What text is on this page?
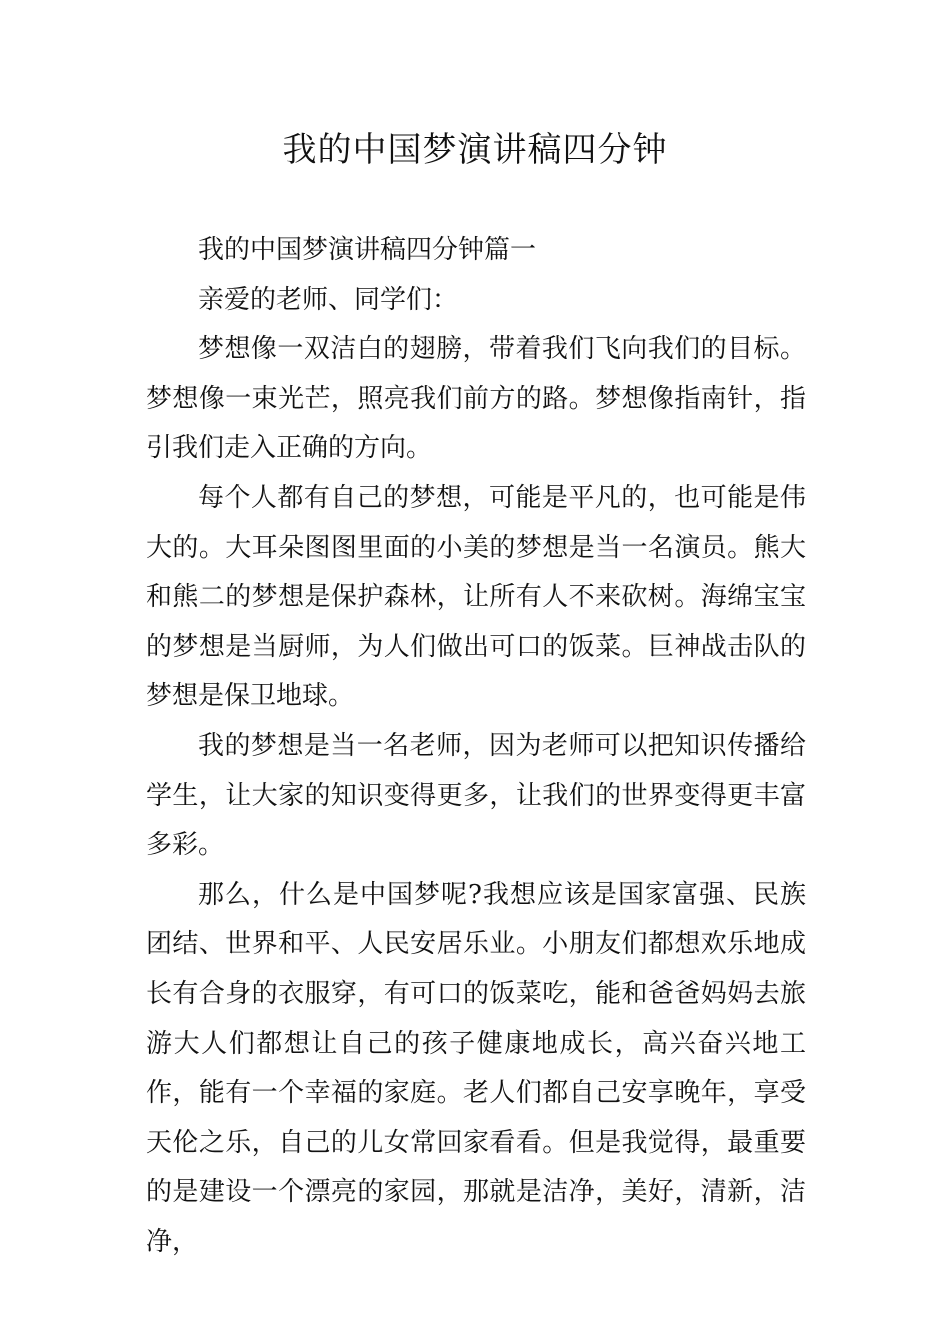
我的中国梦演讲稿四分钟

我的中国梦演讲稿四分钟篇一

亲爱的老师、同学们：

梦想像一双洁白的翅膀，带着我们飞向我们的目标。梦想像一束光芒，照亮我们前方的路。梦想像指南针，指引我们走入正确的方向。

每个人都有自己的梦想，可能是平凡的，也可能是伟大的。大耳朵图图里面的小美的梦想是当一名演员。熊大和熊二的梦想是保护森林，让所有人不来砍树。海绵宝宝的梦想是当厨师，为人们做出可口的饭菜。巨神战击队的梦想是保卫地球。

我的梦想是当一名老师，因为老师可以把知识传播给学生，让大家的知识变得更多，让我们的世界变得更丰富多彩。

那么，什么是中国梦呢?我想应该是国家富强、民族团结、世界和平、人民安居乐业。小朋友们都想欢乐地成长有合身的衣服穿，有可口的饭菜吃，能和爸爸妈妈去旅游大人们都想让自己的孩子健康地成长，高兴奋兴地工作，能有一个幸福的家庭。老人们都自己安享晚年，享受天伦之乐，自己的儿女常回家看看。但是我觉得，最重要的是建设一个漂亮的家园，那就是洁净，美好，清新，洁净，
